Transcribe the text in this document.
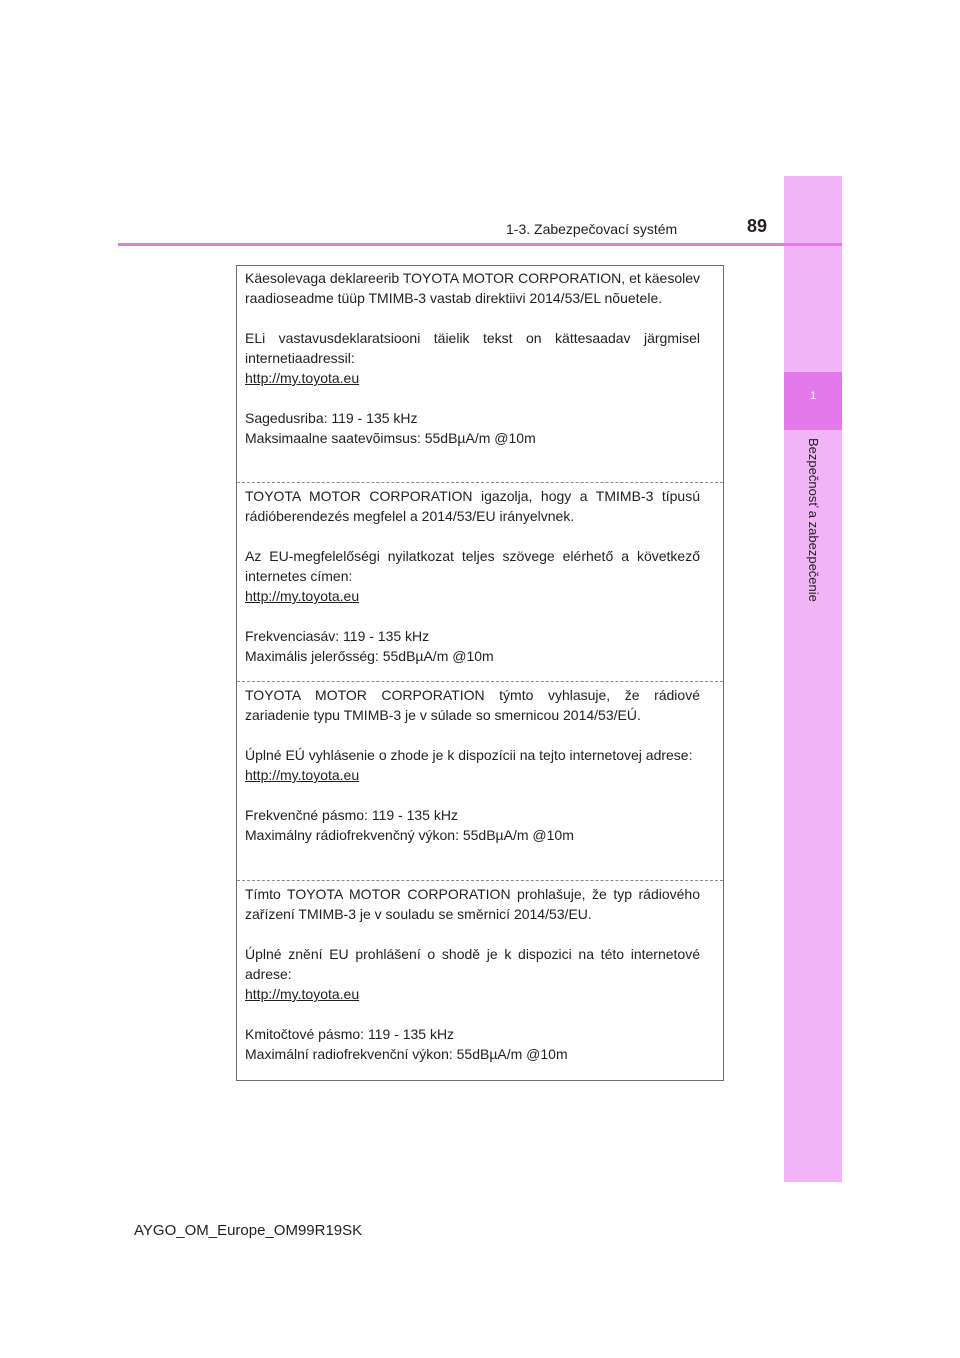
1
Bezpečnosť a zabezpečenie
1-3. Zabezpečovací systém	89

Käesolevaga deklareerib TOYOTA MOTOR CORPORATION, et käesolev raadioseadme tüüp TMIMB-3 vastab direktiivi 2014/53/EL nõuetele.

ELi vastavusdeklaratsiooni täielik tekst on kättesaadav järgmisel internetiaadressil:

http://my.toyota.eu

Sagedusriba: 119 - 135 kHz

Maksimaalne saatevõimsus: 55dBµA/m @10m

TOYOTA MOTOR CORPORATION igazolja, hogy a TMIMB-3 típusú rádióberendezés megfelel a 2014/53/EU irányelvnek.

Az EU-megfelelőségi nyilatkozat teljes szövege elérhető a következő internetes címen:

http://my.toyota.eu

Frekvenciasáv: 119 - 135 kHz

Maximális jelerősség: 55dBµA/m @10m

TOYOTA MOTOR CORPORATION týmto vyhlasuje, že rádiové zariadenie typu TMIMB-3 je v súlade so smernicou 2014/53/EÚ.

Úplné EÚ vyhlásenie o zhode je k dispozícii na tejto internetovej adrese:

http://my.toyota.eu

Frekvenčné pásmo: 119 - 135 kHz

Maximálny rádiofrekvenčný výkon: 55dBµA/m @10m

Tímto TOYOTA MOTOR CORPORATION prohlašuje, že typ rádiového zařízení TMIMB-3 je v souladu se směrnicí 2014/53/EU.

Úplné znění EU prohlášení o shodě je k dispozici na této internetové adrese:

http://my.toyota.eu

Kmitočtové pásmo: 119 - 135 kHz

Maximální radiofrekvenční výkon: 55dBµA/m @10m

AYGO_OM_Europe_OM99R19SK
